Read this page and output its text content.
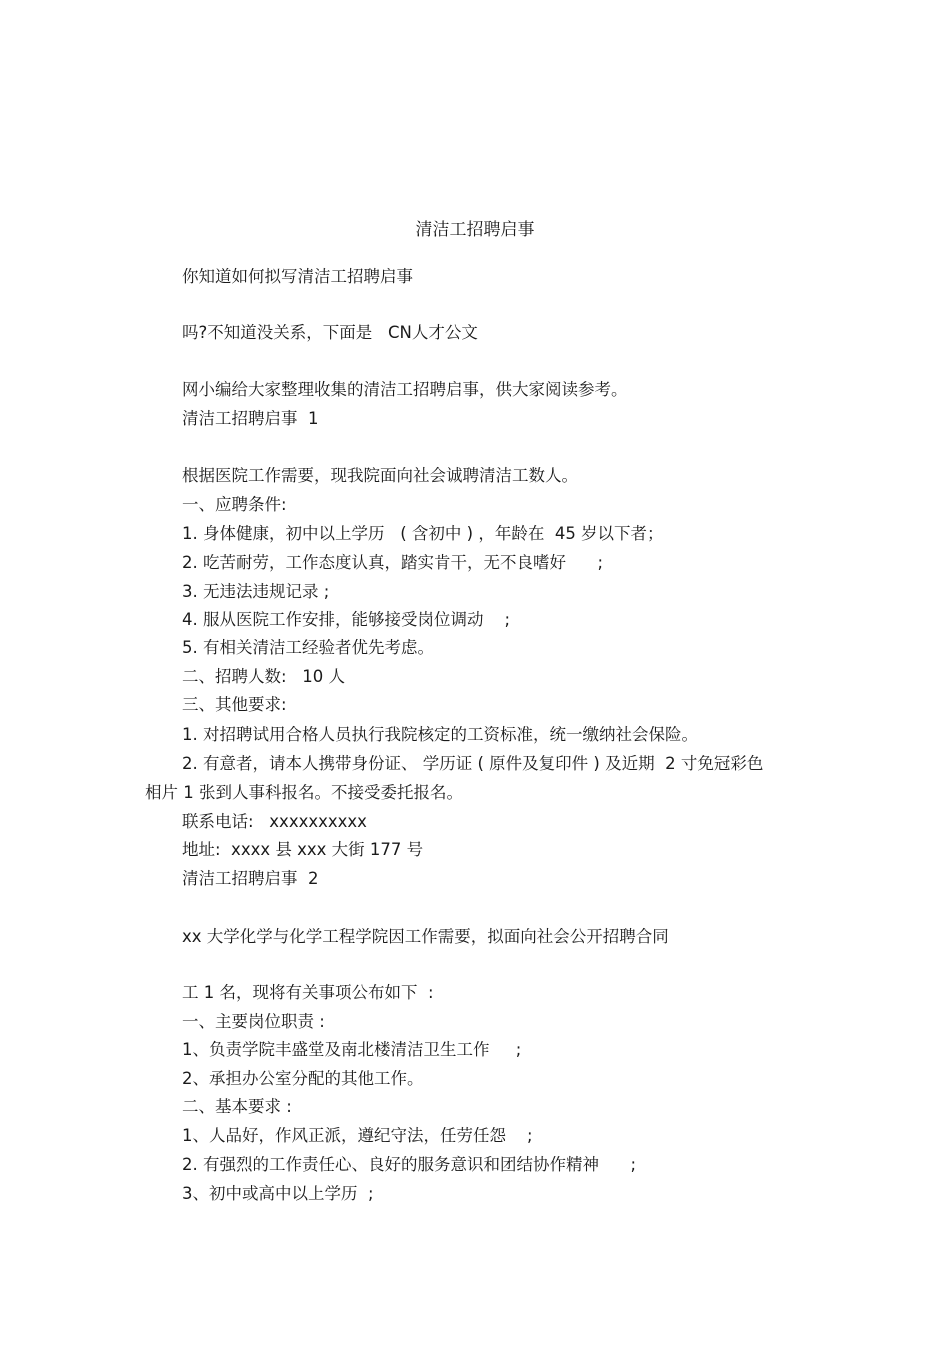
清洁工招聘启事

你知道如何拟写清洁工招聘启事

吗?不知道没关系，下面是   CN人才公文

网小编给大家整理收集的清洁工招聘启事，供大家阅读参考。

清洁工招聘启事  1

根据医院工作需要，现我院面向社会诚聘清洁工数人。

一、应聘条件:

1. 身体健康，初中以上学历   ( 含初中 ) ，年龄在  45 岁以下者；

2. 吃苦耐劳，工作态度认真，踏实肯干，无不良嗜好      ;

3. 无违法违规记录 ;

4. 服从医院工作安排，能够接受岗位调动    ;

5. 有相关清洁工经验者优先考虑。

二、招聘人数:   10 人

三、其他要求:

1. 对招聘试用合格人员执行我院核定的工资标准，统一缴纳社会保险。

2. 有意者，请本人携带身份证、 学历证 ( 原件及复印件 ) 及近期  2 寸免冠彩色

相片 1 张到人事科报名。不接受委托报名。

联系电话:   xxxxxxxxxx

地址:  xxxx 县 xxx 大街 177 号

清洁工招聘启事  2

xx 大学化学与化学工程学院因工作需要，拟面向社会公开招聘合同

工 1 名，现将有关事项公布如下  :

一、主要岗位职责 :

1、负责学院丰盛堂及南北楼清洁卫生工作     ;

2、承担办公室分配的其他工作。

二、基本要求 :

1、人品好，作风正派，遵纪守法，任劳任怨    ;

2. 有强烈的工作责任心、良好的服务意识和团结协作精神      ;

3、初中或高中以上学历  ;
